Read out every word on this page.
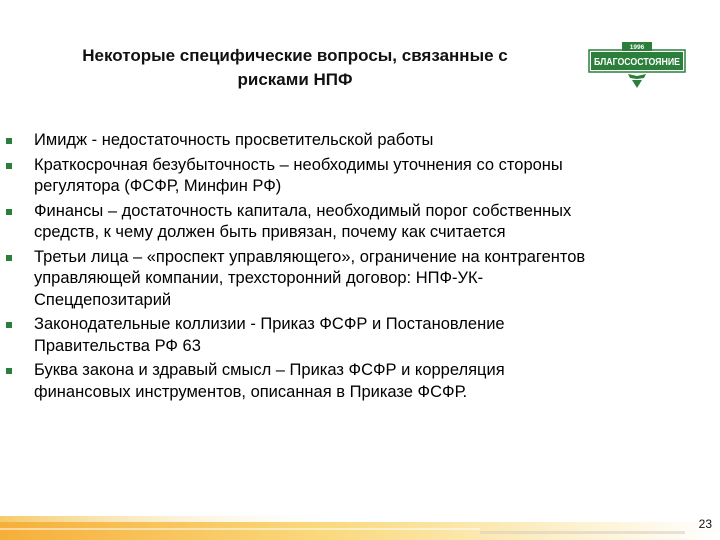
Некоторые специфические вопросы, связанные с
рисками НПФ
1996
БЛАГОСОСТОЯНИЕ
Имидж - недостаточность просветительской работы
Краткосрочная безубыточность – необходимы уточнения со стороны
регулятора (ФСФР, Минфин РФ)
Финансы – достаточность капитала, необходимый порог собственных
средств, к чему должен быть привязан, почему как считается
Третьи лица – «проспект управляющего», ограничение на контрагентов
управляющей компании, трехсторонний договор: НПФ-УК-
Спецдепозитарий
Законодательные коллизии - Приказ ФСФР и Постановление
Правительства РФ 63
Буква закона и здравый смысл – Приказ ФСФР и корреляция
финансовых инструментов, описанная в Приказе ФСФР.
23
